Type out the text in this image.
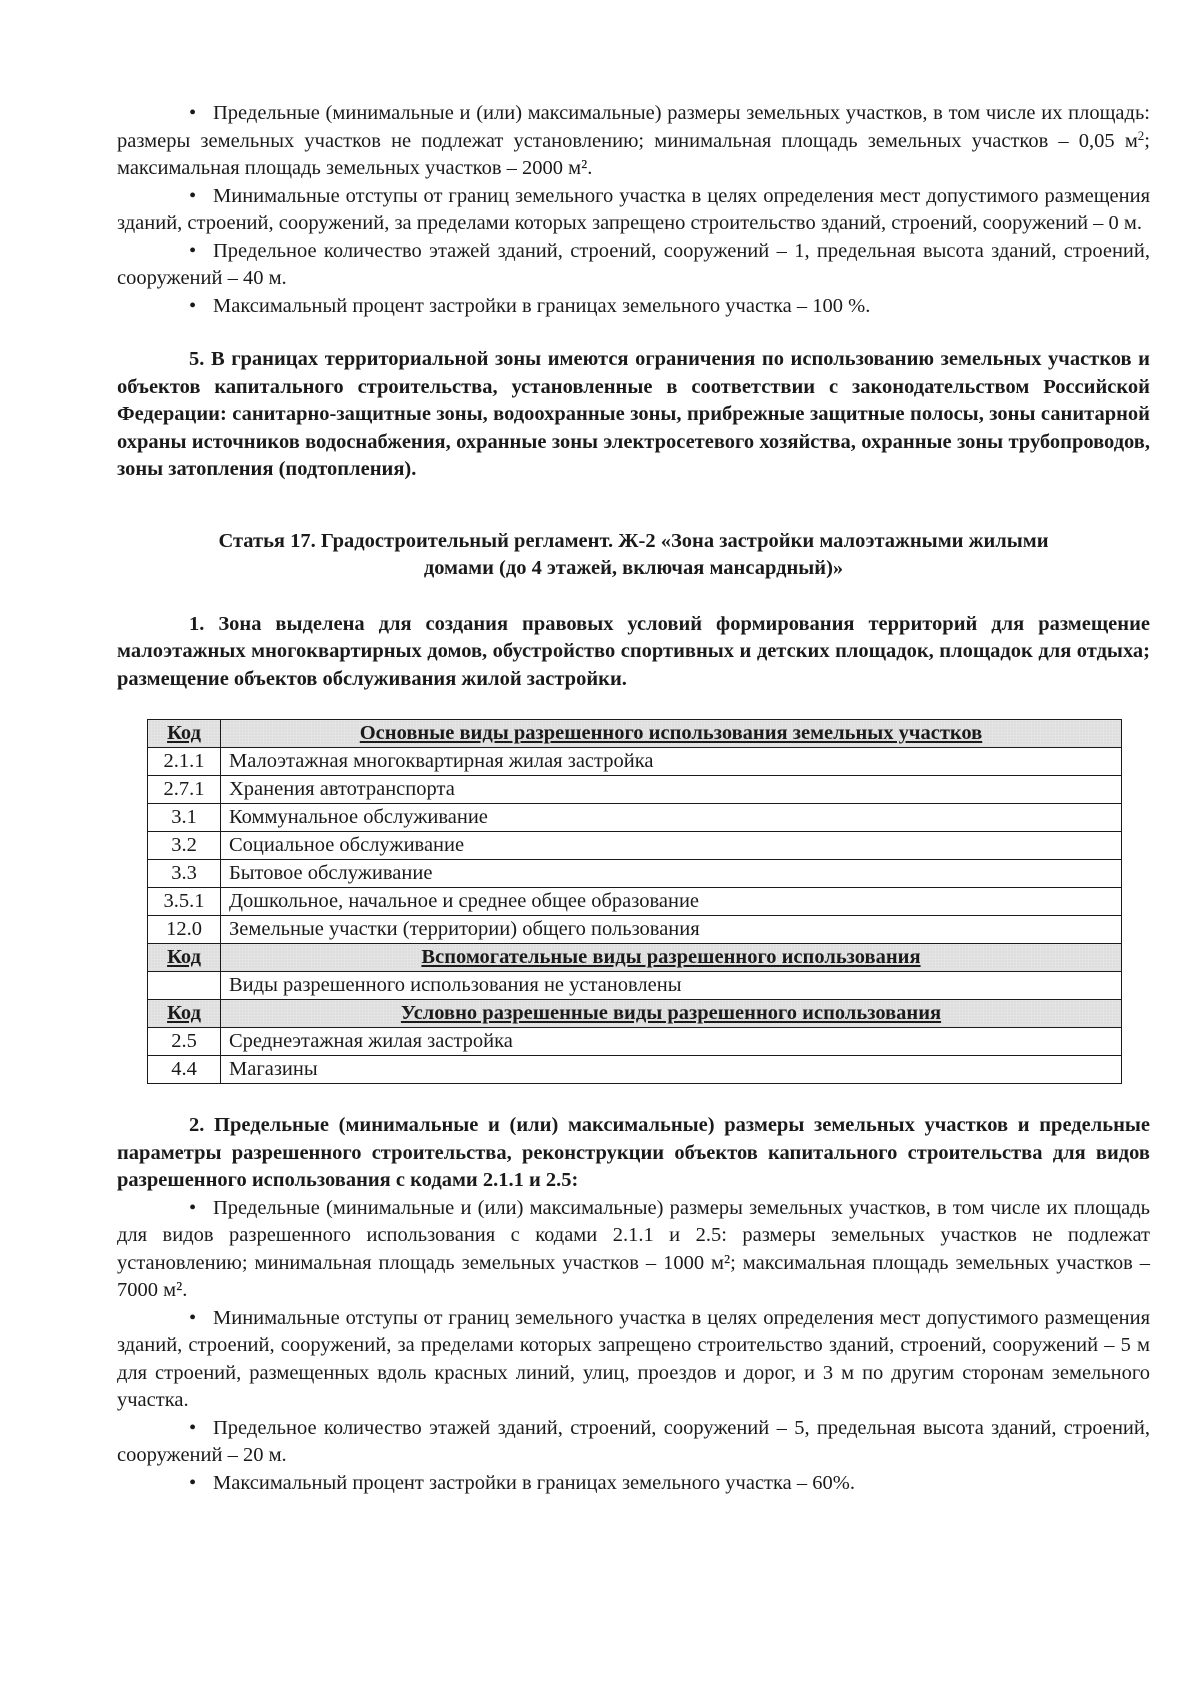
• Предельные (минимальные и (или) максимальные) размеры земельных участков, в том числе их площадь: размеры земельных участков не подлежат установлению; минимальная площадь земельных участков – 0,05 $м^2$; максимальная площадь земельных участков – 2000 м².

• Минимальные отступы от границ земельного участка в целях определения мест допустимого размещения зданий, строений, сооружений, за пределами которых запрещено строительство зданий, строений, сооружений – 0 м.

• Предельное количество этажей зданий, строений, сооружений – 1, предельная высота зданий, строений, сооружений – 40 м.

• Максимальный процент застройки в границах земельного участка – 100 %.

5. В границах территориальной зоны имеются ограничения по использованию земельных участков и объектов капитального строительства, установленные в соответствии с законодательством Российской Федерации: санитарно-защитные зоны, водоохранные зоны, прибрежные защитные полосы, зоны санитарной охраны источников водоснабжения, охранные зоны электросетевого хозяйства, охранные зоны трубопроводов, зоны затопления (подтопления).

Статья 17. Градостроительный регламент. Ж-2 «Зона застройки малоэтажными жилыми

домами (до 4 этажей, включая мансардный)»

1. Зона выделена для создания правовых условий формирования территорий для размещение малоэтажных многоквартирных домов, обустройство спортивных и детских площадок, площадок для отдыха; размещение объектов обслуживания жилой застройки.

Код	Основные виды разрешенного использования земельных участков
2.1.1	Малоэтажная многоквартирная жилая застройка
2.7.1	Хранения автотранспорта
3.1	Коммунальное обслуживание
3.2	Социальное обслуживание
3.3	Бытовое обслуживание
3.5.1	Дошкольное, начальное и среднее общее образование
12.0	Земельные участки (территории) общего пользования
Код	Вспомогательные виды разрешенного использования
	Виды разрешенного использования не установлены
Код	Условно разрешенные виды разрешенного использования
2.5	Среднеэтажная жилая застройка
4.4	Магазины

2. Предельные (минимальные и (или) максимальные) размеры земельных участков и предельные параметры разрешенного строительства, реконструкции объектов капитального строительства для видов разрешенного использования с кодами 2.1.1 и 2.5:

• Предельные (минимальные и (или) максимальные) размеры земельных участков, в том числе их площадь для видов разрешенного использования с кодами 2.1.1 и 2.5: размеры земельных участков не подлежат установлению; минимальная площадь земельных участков – 1000 м²; максимальная площадь земельных участков – 7000 м².

• Минимальные отступы от границ земельного участка в целях определения мест допустимого размещения зданий, строений, сооружений, за пределами которых запрещено строительство зданий, строений, сооружений – 5 м для строений, размещенных вдоль красных линий, улиц, проездов и дорог, и 3 м по другим сторонам земельного участка.

• Предельное количество этажей зданий, строений, сооружений – 5, предельная высота зданий, строений, сооружений – 20 м.

• Максимальный процент застройки в границах земельного участка – 60%.
